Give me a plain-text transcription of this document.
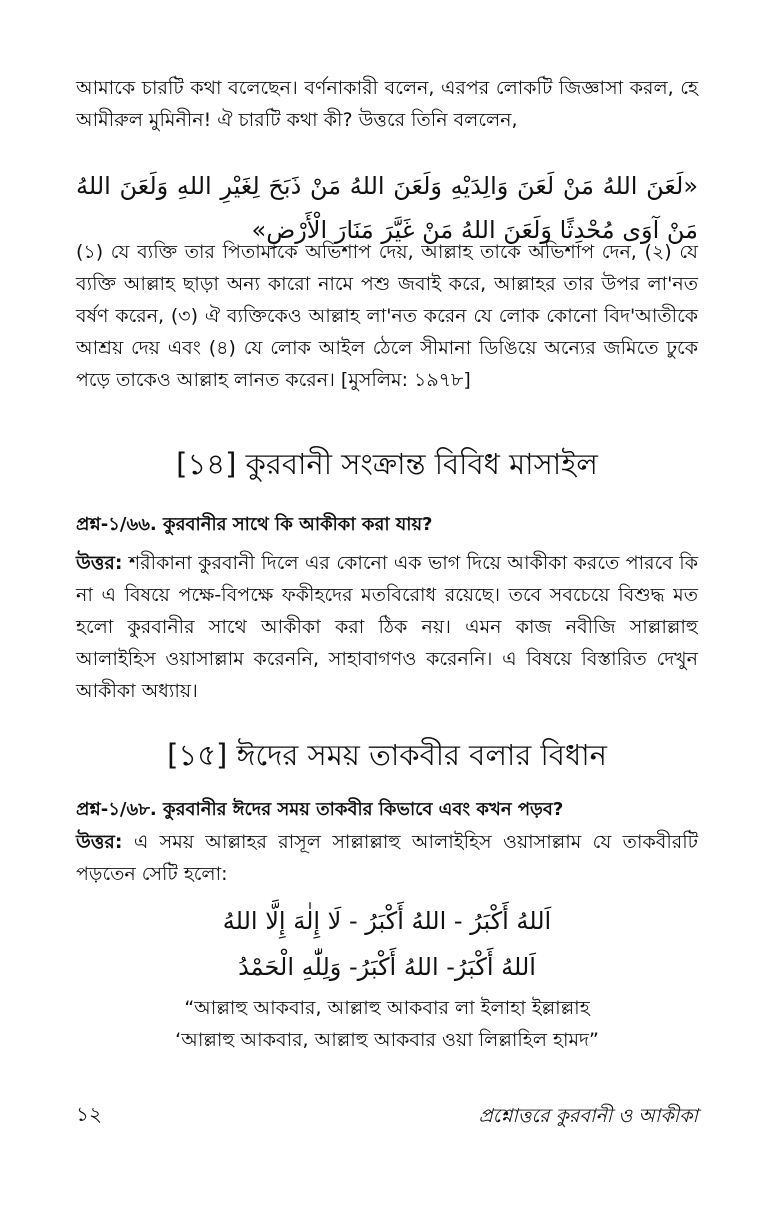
আমাকে চারটি কথা বলেছেন। বর্ণনাকারী বলেন, এরপর লোকটি জিজ্ঞাসা করল, হে আমীরুল মুমিনীন! ঐ চারটি কথা কী? উত্তরে তিনি বললেন,

«لَعَنَ اللهُ مَنْ لَعَنَ وَالِدَيْهِ وَلَعَنَ اللهُ مَنْ ذَبَحَ لِغَيْرِ اللهِ وَلَعَنَ اللهُ مَنْ آوَى مُحْدِثًا وَلَعَنَ اللهُ مَنْ غَيَّرَ مَنَارَ الْأَرْضِ»

(১) যে ব্যক্তি তার পিতামাকে অভিশাপ দেয়, আল্লাহ তাকে অভিশাপ দেন, (২) যে ব্যক্তি আল্লাহ ছাড়া অন্য কারো নামে পশু জবাই করে, আল্লাহর তার উপর লা'নত বর্ষণ করেন, (৩) ঐ ব্যক্তিকেও আল্লাহ লা'নত করেন যে লোক কোনো বিদ'আতীকে আশ্রয় দেয় এবং (৪) যে লোক আইল ঠেলে সীমানা ডিঙিয়ে অন্যের জমিতে ঢুকে পড়ে তাকেও আল্লাহ লানত করেন। [মুসলিম: ১৯৭৮]

[১৪] কুরবানী সংক্রান্ত বিবিধ মাসাইল

প্রশ্ন-১/৬৬. কুরবানীর সাথে কি আকীকা করা যায়?

উত্তর: শরীকানা কুরবানী দিলে এর কোনো এক ভাগ দিয়ে আকীকা করতে পারবে কি না এ বিষয়ে পক্ষে-বিপক্ষে ফকীহদের মতবিরোধ রয়েছে। তবে সবচেয়ে বিশুদ্ধ মত হলো কুরবানীর সাথে আকীকা করা ঠিক নয়। এমন কাজ নবীজি সাল্লাল্লাহু আলাইহিস ওয়াসাল্লাম করেননি, সাহাবাগণও করেননি। এ বিষয়ে বিস্তারিত দেখুন আকীকা অধ্যায়।

[১৫] ঈদের সময় তাকবীর বলার বিধান

প্রশ্ন-১/৬৮. কুরবানীর ঈদের সময় তাকবীর কিভাবে এবং কখন পড়ব?

উত্তর: এ সময় আল্লাহর রাসূল সাল্লাল্লাহু আলাইহিস ওয়াসাল্লাম যে তাকবীরটি পড়তেন সেটি হলো:

اَللهُ أَكْبَرُ - اللهُ أَكْبَرُ - لَا إِلٰهَ إِلَّا اللهُ
اَللهُ أَكْبَرُ- اللهُ أَكْبَرُ- وَلِلّٰهِ الْحَمْدُ
“আল্লাহু আকবার, আল্লাহু আকবার লা ইলাহা ইল্লাল্লাহ
‘আল্লাহু আকবার, আল্লাহু আকবার ওয়া লিল্লাহিল হামদ”
১২	প্রশ্নোত্তরে কুরবানী ও আকীকা
